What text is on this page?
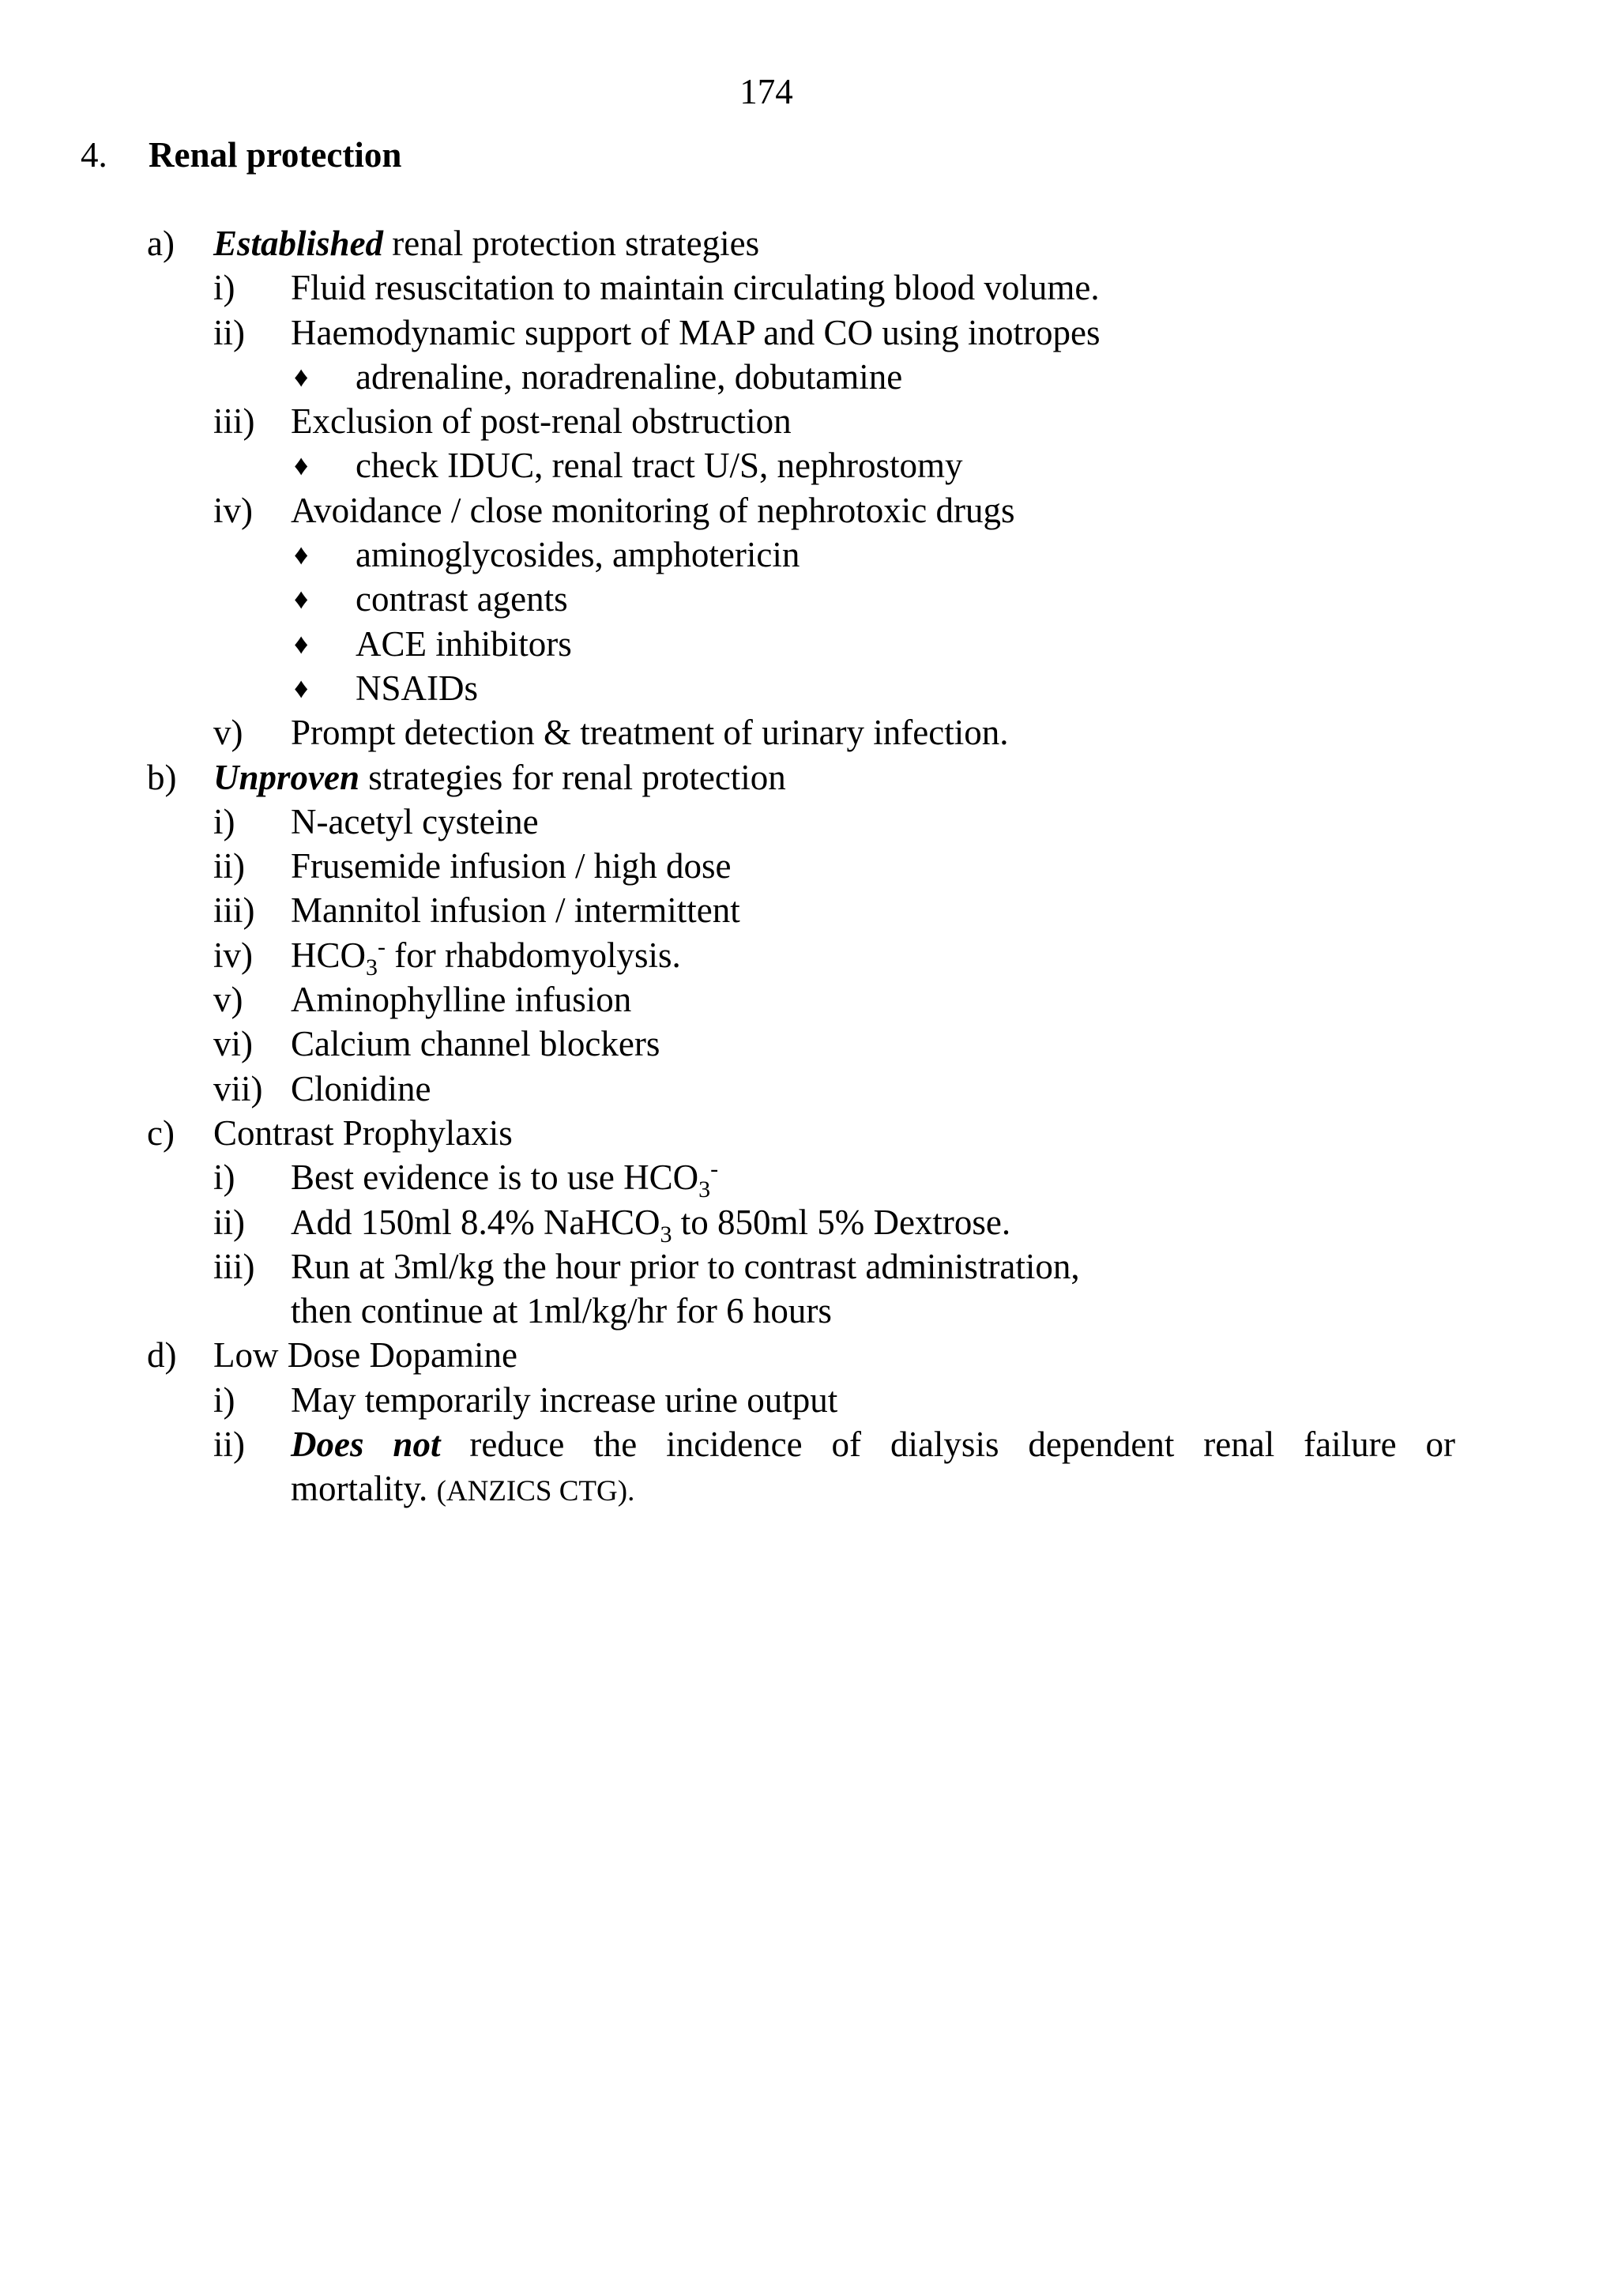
174
4. Renal protection
a) Established renal protection strategies
i) Fluid resuscitation to maintain circulating blood volume.
ii) Haemodynamic support of MAP and CO using inotropes
♦ adrenaline, noradrenaline, dobutamine
iii) Exclusion of post-renal obstruction
♦ check IDUC, renal tract U/S, nephrostomy
iv) Avoidance / close monitoring of nephrotoxic drugs
♦ aminoglycosides, amphotericin
♦ contrast agents
♦ ACE inhibitors
♦ NSAIDs
v) Prompt detection & treatment of urinary infection.
b) Unproven strategies for renal protection
i) N-acetyl cysteine
ii) Frusemide infusion / high dose
iii) Mannitol infusion / intermittent
iv) $HCO_3^-$ for rhabdomyolysis.
v) Aminophylline infusion
vi) Calcium channel blockers
vii) Clonidine
c) Contrast Prophylaxis
i) Best evidence is to use $HCO_3^-$
ii) Add 150ml 8.4% NaHCO$_3$ to 850ml 5% Dextrose.
iii) Run at 3ml/kg the hour prior to contrast administration,
then continue at 1ml/kg/hr for 6 hours
d) Low Dose Dopamine
i) May temporarily increase urine output
ii) Does not reduce the incidence of dialysis dependent renal failure or
mortality. (ANZICS CTG).
